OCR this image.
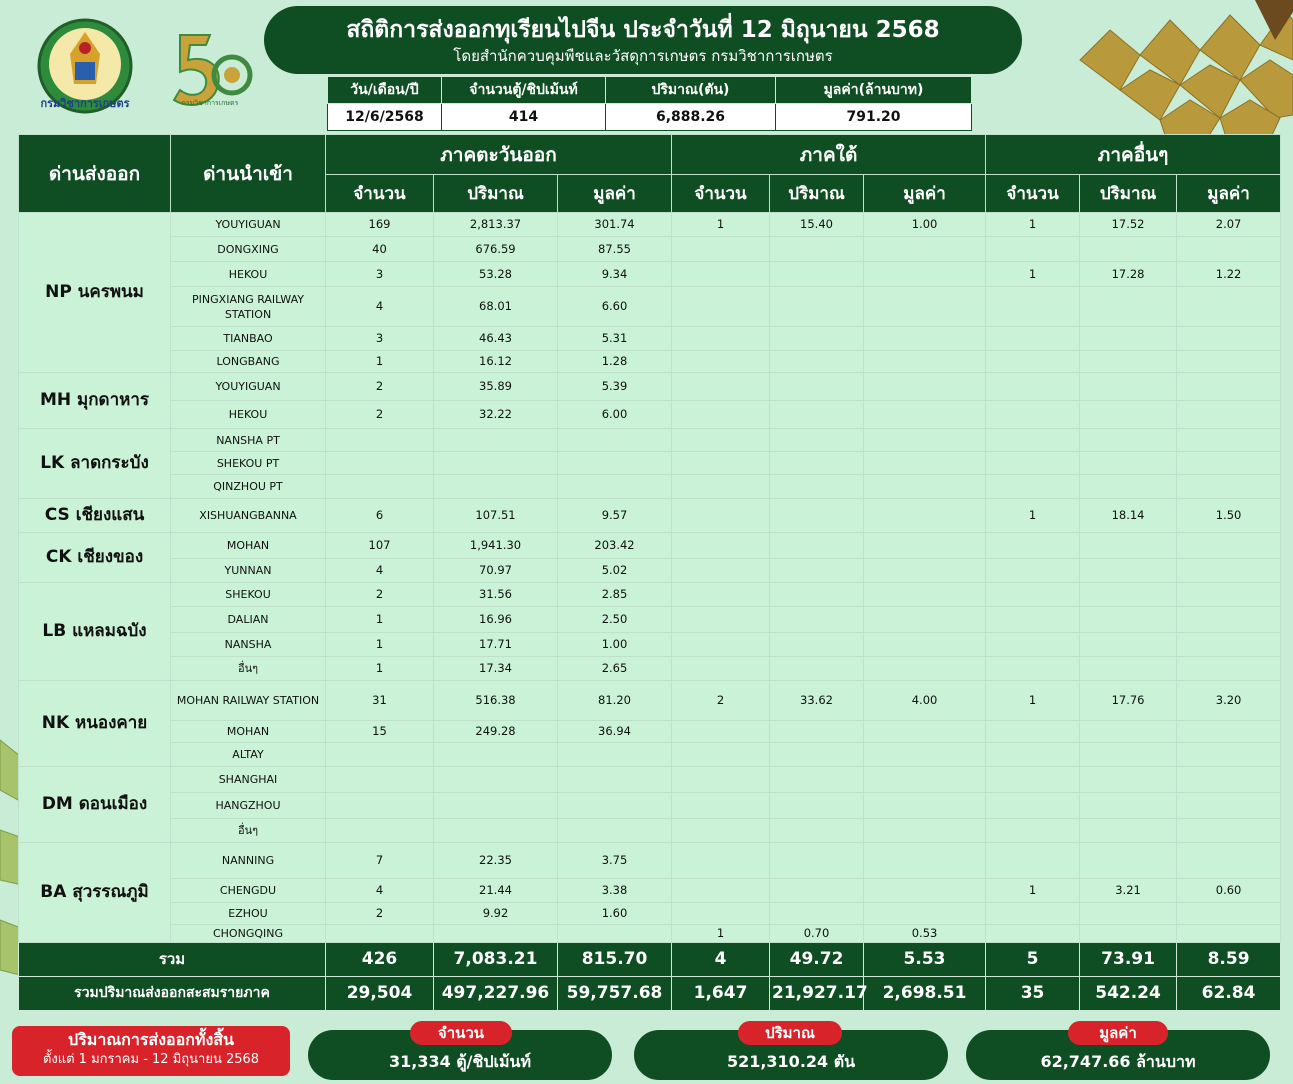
กรมวิชาการเกษตร	กรมวิชาการเกษตร
สถิติการส่งออกทุเรียนไปจีน ประจำวันที่ 12 มิถุนายน 2568
โดยสำนักควบคุมพืชและวัสดุการเกษตร กรมวิชาการเกษตร
วัน/เดือน/ปี	จำนวนตู้/ชิปเม้นท์	ปริมาณ(ตัน)	มูลค่า(ล้านบาท)
12/6/2568	414	6,888.26	791.20
ด่านส่งออก	ด่านนำเข้า	ภาคตะวันออก			ภาคใต้			ภาคอื่นๆ		
		จำนวน	ปริมาณ	มูลค่า	จำนวน	ปริมาณ	มูลค่า	จำนวน	ปริมาณ	มูลค่า
NP นครพนม	YOUYIGUAN	169	2,813.37	301.74	1	15.40	1.00	1	17.52	2.07
	DONGXING	40	676.59	87.55						
	HEKOU	3	53.28	9.34				1	17.28	1.22
	PINGXIANG RAILWAY STATION	4	68.01	6.60						
	TIANBAO	3	46.43	5.31						
	LONGBANG	1	16.12	1.28						
MH มุกดาหาร	YOUYIGUAN	2	35.89	5.39						
	HEKOU	2	32.22	6.00						
LK ลาดกระบัง	NANSHA PT									
	SHEKOU PT									
	QINZHOU PT									
CS เชียงแสน	XISHUANGBANNA	6	107.51	9.57				1	18.14	1.50
CK เชียงของ	MOHAN	107	1,941.30	203.42						
	YUNNAN	4	70.97	5.02						
LB แหลมฉบัง	SHEKOU	2	31.56	2.85						
	DALIAN	1	16.96	2.50						
	NANSHA	1	17.71	1.00						
	อื่นๆ	1	17.34	2.65						
NK หนองคาย	MOHAN RAILWAY STATION	31	516.38	81.20	2	33.62	4.00	1	17.76	3.20
	MOHAN	15	249.28	36.94						
	ALTAY									
DM ดอนเมือง	SHANGHAI									
	HANGZHOU									
	อื่นๆ									
BA สุวรรณภูมิ	NANNING	7	22.35	3.75						
	CHENGDU	4	21.44	3.38				1	3.21	0.60
	EZHOU	2	9.92	1.60						
	CHONGQING				1	0.70	0.53			
รวม		426	7,083.21	815.70	4	49.72	5.53	5	73.91	8.59
รวมปริมาณส่งออกสะสมรายภาค		29,504	497,227.96	59,757.68	1,647	21,927.17	2,698.51	35	542.24	62.84
ปริมาณการส่งออกทั้งสิ้น
ตั้งแต่ 1 มกราคม - 12 มิถุนายน 2568	31,334 ตู้/ชิปเม้นท์
จำนวน
521,310.24 ตัน
ปริมาณ
62,747.66 ล้านบาท
มูลค่า
